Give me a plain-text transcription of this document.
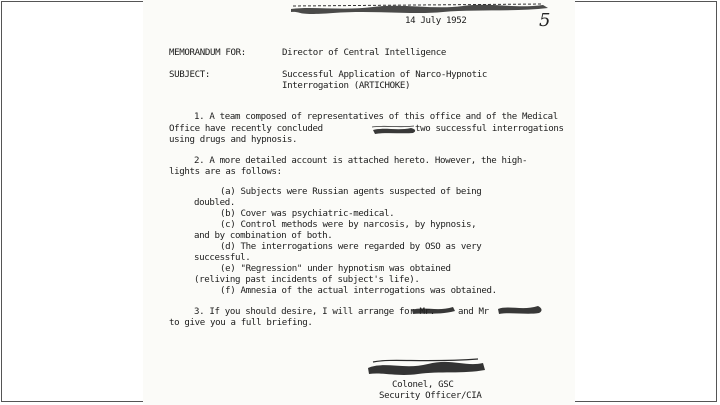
14 July 1952	5
MEMORANDUM FOR:	Director of Central Intelligence
SUBJECT:	Successful Application of Narco-Hypnotic
Interrogation (ARTICHOKE)
1. A team composed of representatives of this office and of the Medical
Office have recently concluded	two successful interrogations
using drugs and hypnosis.
2. A more detailed account is attached hereto. However, the high-
lights are as follows:
(a) Subjects were Russian agents suspected of being
doubled.
(b) Cover was psychiatric-medical.
(c) Control methods were by narcosis, by hypnosis,
and by combination of both.
(d) The interrogations were regarded by OSO as very
successful.
(e) "Regression" under hypnotism was obtained
(reliving past incidents of subject's life).
(f) Amnesia of the actual interrogations was obtained.
3. If you should desire, I will arrange for Mr.	and Mr
to give you a full briefing.
Colonel, GSC
Security Officer/CIA
